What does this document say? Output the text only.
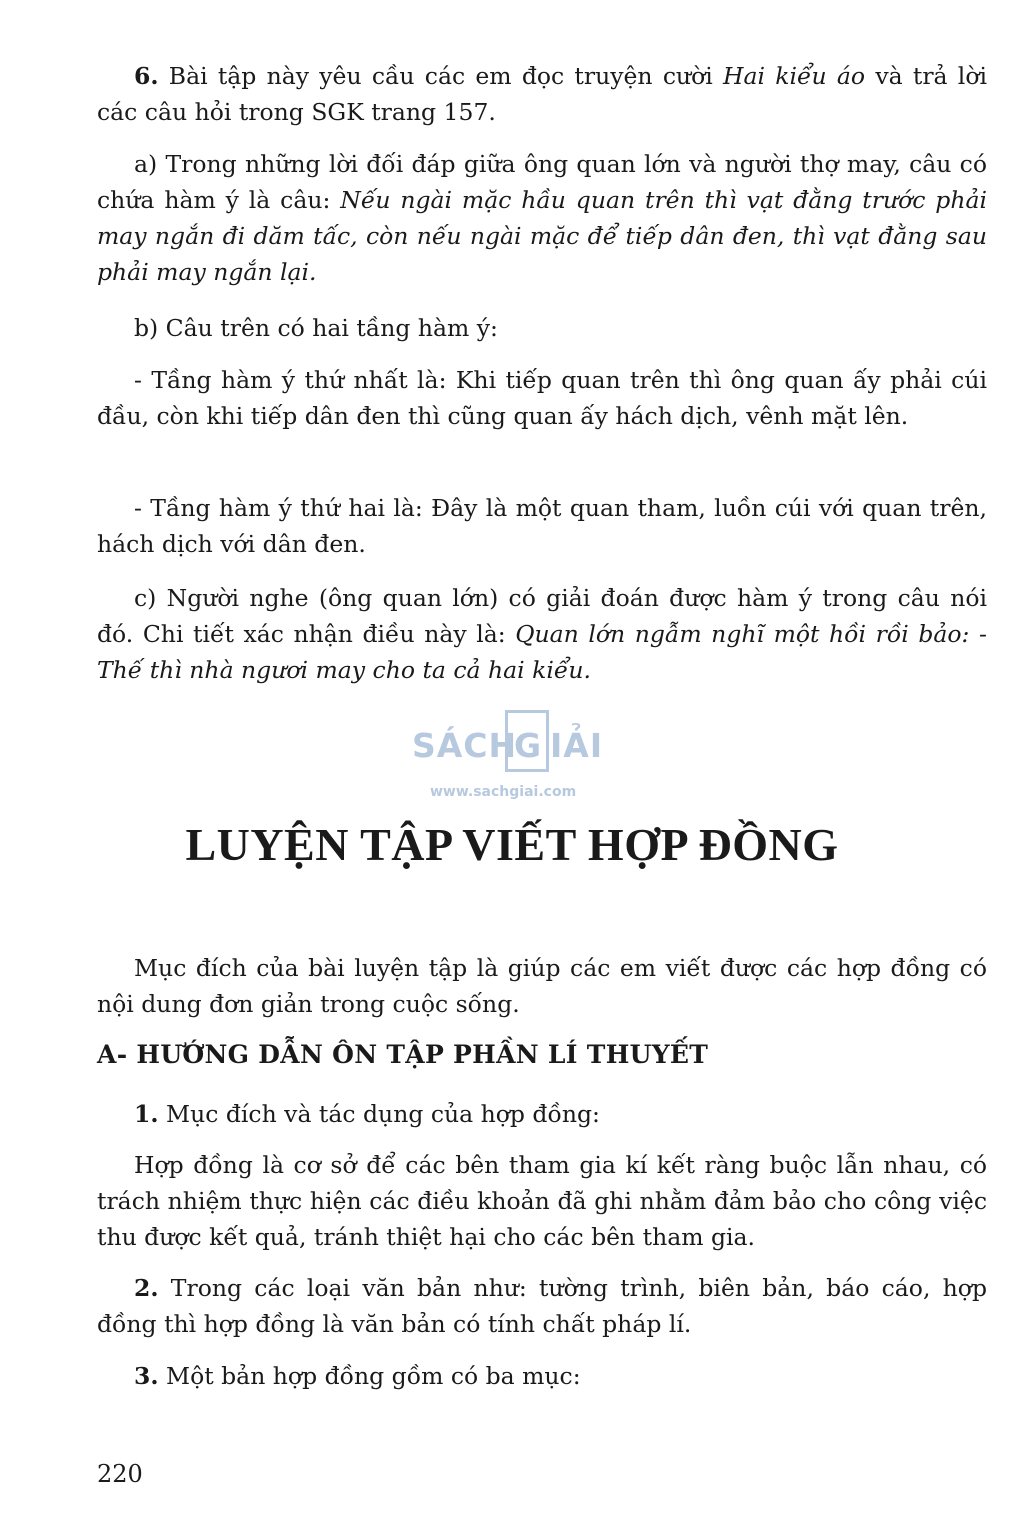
6. Bài tập này yêu cầu các em đọc truyện cười Hai kiểu áo và trả lời các câu hỏi trong SGK trang 157.

a) Trong những lời đối đáp giữa ông quan lớn và người thợ may, câu có chứa hàm ý là câu: Nếu ngài mặc hầu quan trên thì vạt đằng trước phải may ngắn đi dăm tấc, còn nếu ngài mặc để tiếp dân đen, thì vạt đằng sau phải may ngắn lại.

b) Câu trên có hai tầng hàm ý:

- Tầng hàm ý thứ nhất là: Khi tiếp quan trên thì ông quan ấy phải cúi đầu, còn khi tiếp dân đen thì cũng quan ấy hách dịch, vênh mặt lên.

- Tầng hàm ý thứ hai là: Đây là một quan tham, luồn cúi với quan trên, hách dịch với dân đen.

c) Người nghe (ông quan lớn) có giải đoán được hàm ý trong câu nói đó. Chi tiết xác nhận điều này là: Quan lớn ngẫm nghĩ một hồi rồi bảo: - Thế thì nhà ngươi may cho ta cả hai kiểu.

SÁCH
G IẢI
www.sachgiai.com
LUYỆN TẬP VIẾT HỢP ĐỒNG

Mục đích của bài luyện tập là giúp các em viết được các hợp đồng có nội dung đơn giản trong cuộc sống.

A- HƯỚNG DẪN ÔN TẬP PHẦN LÍ THUYẾT

1. Mục đích và tác dụng của hợp đồng:

Hợp đồng là cơ sở để các bên tham gia kí kết ràng buộc lẫn nhau, có trách nhiệm thực hiện các điều khoản đã ghi nhằm đảm bảo cho công việc thu được kết quả, tránh thiệt hại cho các bên tham gia.

2. Trong các loại văn bản như: tường trình, biên bản, báo cáo, hợp đồng thì hợp đồng là văn bản có tính chất pháp lí.

3. Một bản hợp đồng gồm có ba mục:

220
